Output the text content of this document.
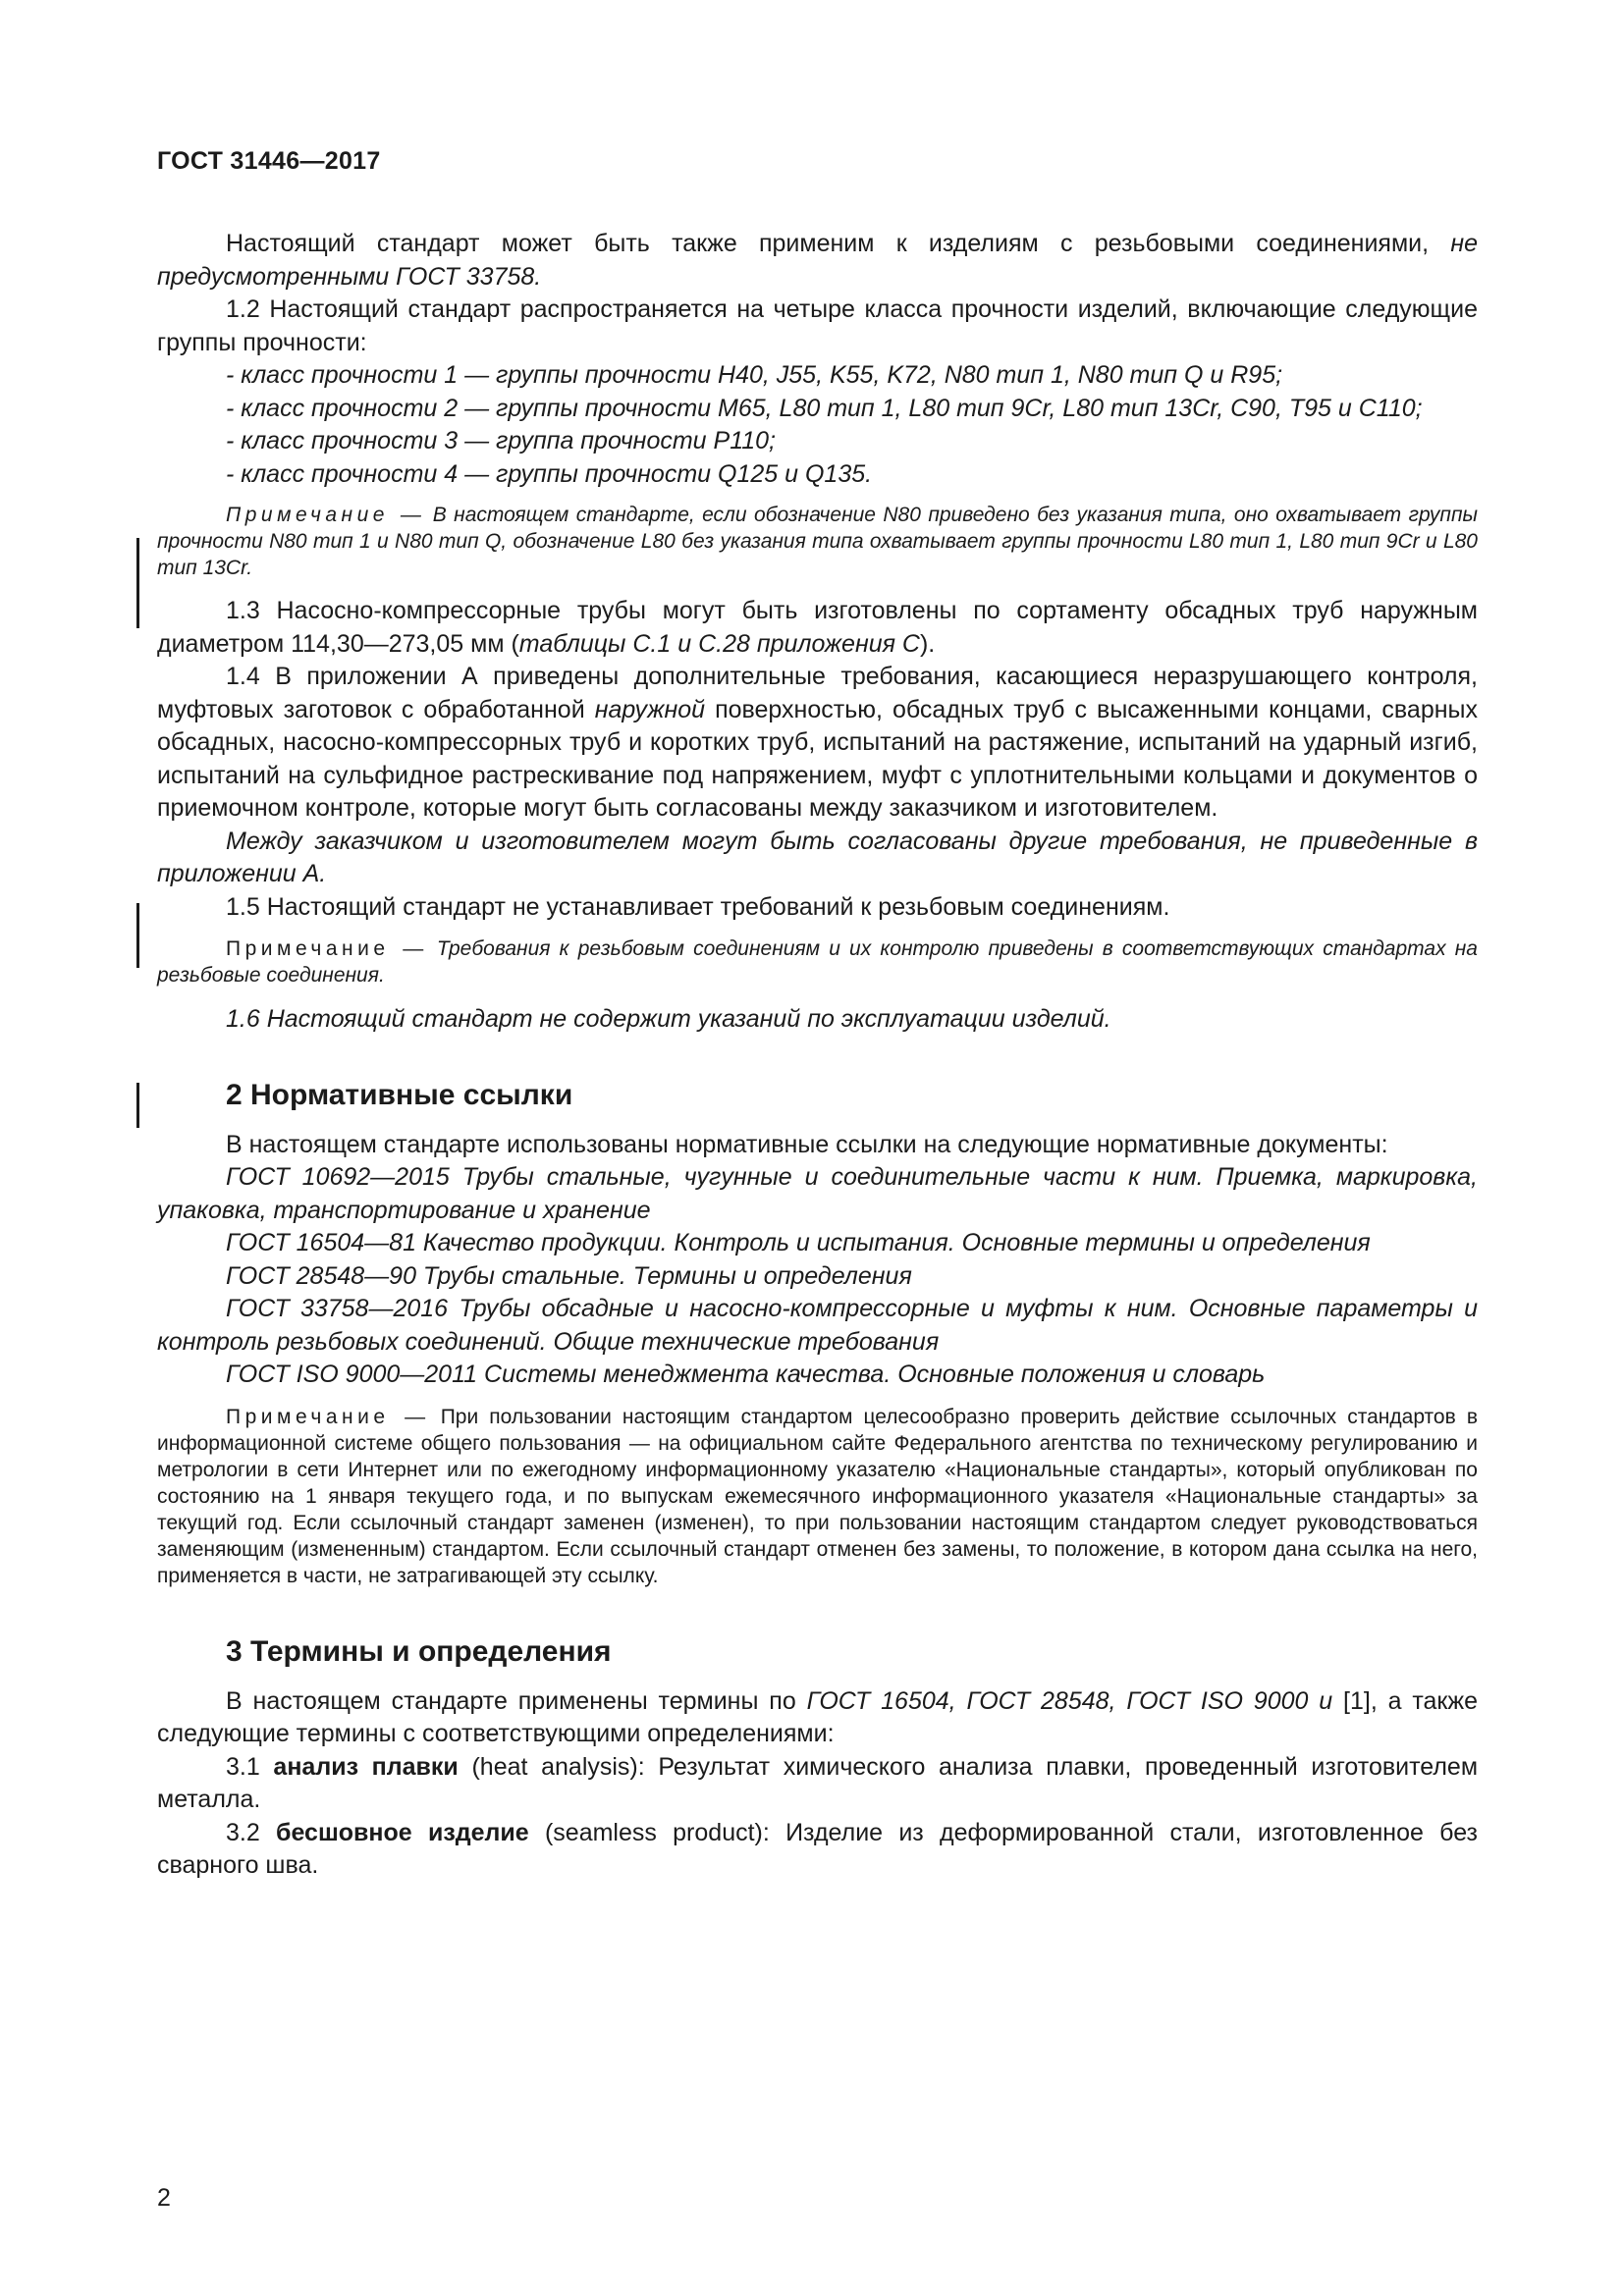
ГОСТ 31446—2017

Настоящий стандарт может быть также применим к изделиям с резьбовыми соединениями, не предусмотренными ГОСТ 33758.

1.2 Настоящий стандарт распространяется на четыре класса прочности изделий, включающие следующие группы прочности:

- класс прочности 1 — группы прочности Н40, J55, K55, K72, N80 тип 1, N80 тип Q и R95;

- класс прочности 2 — группы прочности М65, L80 тип 1, L80 тип 9Cr, L80 тип 13Cr, С90, Т95 и С110;

- класс прочности 3 — группа прочности Р110;

- класс прочности 4 — группы прочности Q125 и Q135.

Примечание — В настоящем стандарте, если обозначение N80 приведено без указания типа, оно охватывает группы прочности N80 тип 1 и N80 тип Q, обозначение L80 без указания типа охватывает группы прочности L80 тип 1, L80 тип 9Cr и L80 тип 13Cr.

1.3 Насосно-компрессорные трубы могут быть изготовлены по сортаменту обсадных труб наружным диаметром 114,30—273,05 мм (таблицы С.1 и С.28 приложения С).

1.4 В приложении А приведены дополнительные требования, касающиеся неразрушающего контроля, муфтовых заготовок с обработанной наружной поверхностью, обсадных труб с высаженными концами, сварных обсадных, насосно-компрессорных труб и коротких труб, испытаний на растяжение, испытаний на ударный изгиб, испытаний на сульфидное растрескивание под напряжением, муфт с уплотнительными кольцами и документов о приемочном контроле, которые могут быть согласованы между заказчиком и изготовителем.

Между заказчиком и изготовителем могут быть согласованы другие требования, не приведенные в приложении А.

1.5 Настоящий стандарт не устанавливает требований к резьбовым соединениям.

Примечание — Требования к резьбовым соединениям и их контролю приведены в соответствующих стандартах на резьбовые соединения.

1.6 Настоящий стандарт не содержит указаний по эксплуатации изделий.

2 Нормативные ссылки

В настоящем стандарте использованы нормативные ссылки на следующие нормативные документы:

ГОСТ 10692—2015 Трубы стальные, чугунные и соединительные части к ним. Приемка, маркировка, упаковка, транспортирование и хранение

ГОСТ 16504—81 Качество продукции. Контроль и испытания. Основные термины и определения

ГОСТ 28548—90 Трубы стальные. Термины и определения

ГОСТ 33758—2016 Трубы обсадные и насосно-компрессорные и муфты к ним. Основные параметры и контроль резьбовых соединений. Общие технические требования

ГОСТ ISO 9000—2011 Системы менеджмента качества. Основные положения и словарь

Примечание — При пользовании настоящим стандартом целесообразно проверить действие ссылочных стандартов в информационной системе общего пользования — на официальном сайте Федерального агентства по техническому регулированию и метрологии в сети Интернет или по ежегодному информационному указателю «Национальные стандарты», который опубликован по состоянию на 1 января текущего года, и по выпускам ежемесячного информационного указателя «Национальные стандарты» за текущий год. Если ссылочный стандарт заменен (изменен), то при пользовании настоящим стандартом следует руководствоваться заменяющим (измененным) стандартом. Если ссылочный стандарт отменен без замены, то положение, в котором дана ссылка на него, применяется в части, не затрагивающей эту ссылку.

3 Термины и определения

В настоящем стандарте применены термины по ГОСТ 16504, ГОСТ 28548, ГОСТ ISO 9000 и [1], а также следующие термины с соответствующими определениями:

3.1 анализ плавки (heat analysis): Результат химического анализа плавки, проведенный изготовителем металла.

3.2 бесшовное изделие (seamless product): Изделие из деформированной стали, изготовленное без сварного шва.

2
